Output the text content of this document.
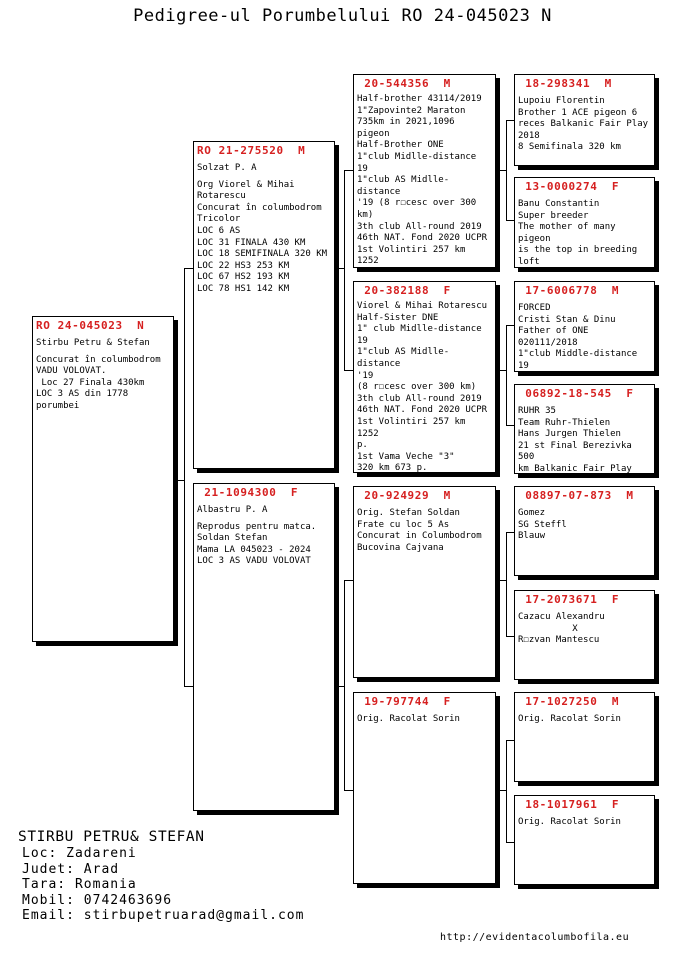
Pedigree-ul Porumbelului RO 24-045023 N
RO 24-045023  N
Stirbu Petru & Stefan
Concurat în columbodrom
VADU VOLOVAT.
Loc 27 Finala 430km
LOC 3 AS din 1778
porumbei
RO 21-275520  M
Solzat P. A
Org Viorel & Mihai
Rotarescu
Concurat în columbodrom
Tricolor
LOC 6 AS
LOC 31 FINALA 430 KM
LOC 18 SEMIFINALA 320 KM
LOC 22 HS3 253 KM
LOC 67 HS2 193 KM
LOC 78 HS1 142 KM
21-1094300  F
Albastru P. A
Reprodus pentru matca.
Soldan Stefan
Mama LA 045023 - 2024
LOC 3 AS VADU VOLOVAT
20-544356  M
Half-brother 43114/2019
1"Zapovinte2 Maraton
735km in 2021,1096 pigeon
Half-Brother ONE
1"club Midlle-distance 19
1"club AS Midlle-distance
'19 (8 r☐cesc over 300
km)
3th club All-round 2019
46th NAT. Fond 2020 UCPR
1st Volintiri 257 km 1252

20-382188  F
Viorel & Mihai Rotarescu
Half-Sister DNE
1" club Midlle-distance
19
1"club AS Midlle-distance
'19
(8 r☐cesc over 300 km)
3th club All-round 2019
46th NAT. Fond 2020 UCPR
1st Volintiri 257 km 1252
p.
1st Vama Veche "3"
320 km 673 p.

20-924929  M
Orig. Stefan Soldan
Frate cu loc 5 As
Concurat in Columbodrom
Bucovina Cajvana
19-797744  F
Orig. Racolat Sorin
18-298341  M
Lupoiu Florentin
Brother 1 ACE pigeon 6
reces Balkanic Fair Play
2018
8 Semifinala 320 km
13-0000274  F
Banu Constantin
Super breeder
The mother of many pigeon
is the top in breeding
loft
17-6006778  M
FORCED
Cristi Stan & Dinu
Father of ONE
020111/2018
1"club Middle-distance 19
06892-18-545  F
RUHR 35
Team Ruhr-Thielen
Hans Jurgen Thielen
21 st Final Berezivka 500
km Balkanic Fair Play
08897-07-873  M
Gomez
SG Steffl
Blauw
17-2073671  F
Cazacu Alexandru
X
R☐zvan Mantescu
17-1027250  M
Orig. Racolat Sorin
18-1017961  F
Orig. Racolat Sorin
STIRBU PETRU& STEFAN
Loc: Zadareni
Judet: Arad
Tara: Romania
Mobil: 0742463696
Email: stirbupetruarad@gmail.com
http://evidentacolumbofila.eu
